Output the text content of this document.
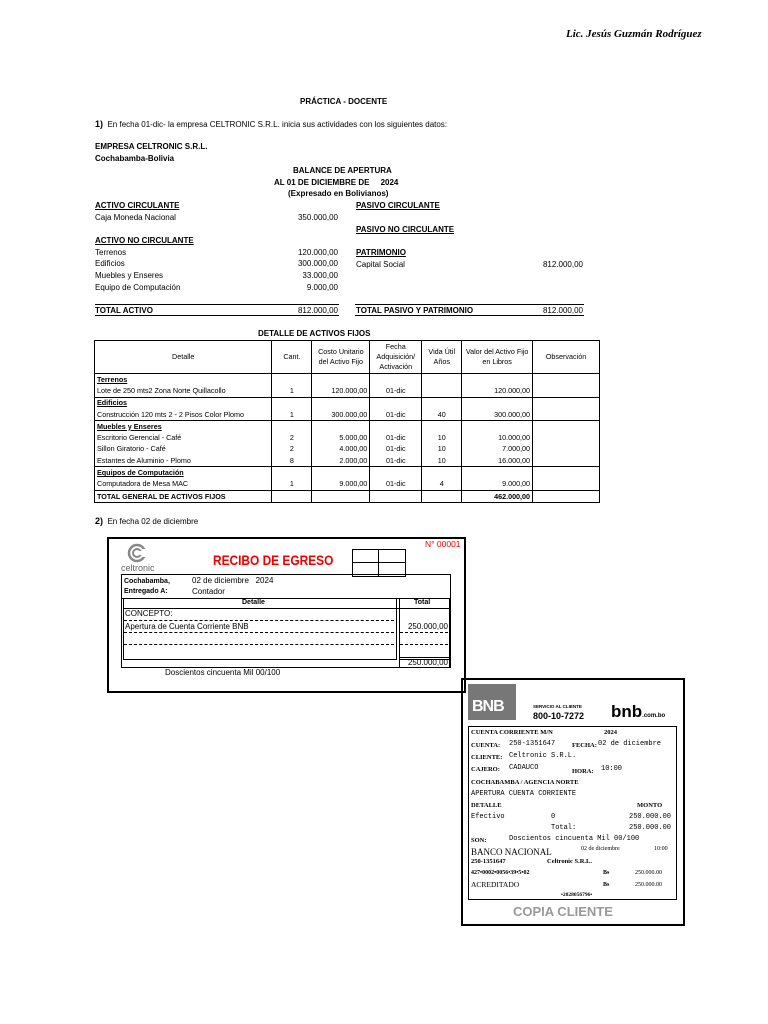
Lic. Jesús Guzmán Rodríguez
PRÁCTICA - DOCENTE
1) En fecha 01-dic- la empresa CELTRONIC S.R.L. inicia sus actividades con los siguientes datos:
EMPRESA CELTRONIC S.R.L.
Cochabamba-Bolivia
BALANCE DE APERTURA
AL 01 DE DICIEMBRE DE 2024
(Expresado en Bolivianos)
ACTIVO CIRCULANTE
Caja Moneda Nacional	350.000,00
ACTIVO NO CIRCULANTE
Terrenos	120.000,00
Edificios	300.000,00
Muebles y Enseres	33.000,00
Equipo de Computación	9.000,00
PASIVO CIRCULANTE
PASIVO NO CIRCULANTE
PATRIMONIO
Capital Social	812.000,00
TOTAL ACTIVO	812.000,00 TOTAL PASIVO Y PATRIMONIO	812.000,00
DETALLE DE ACTIVOS FIJOS
Detalle	Cant.	Costo Unitario del Activo Fijo	Fecha Adquisición/ Activación	Vida Útil Años	Valor del Activo Fijo en Libros	Observación
Terrenos						
Lote de 250 mts2 Zona Norte Quillacollo	1	120.000,00	01-dic		120.000,00	
Edificios						
Construcción 120 mts 2 - 2 Pisos Color Plomo	1	300.000,00	01-dic	40	300.000,00	
Muebles y Enseres						
Escritorio Gerencial - Café	2	5.000,00	01-dic	10	10.000,00	
Sillon Giratorio - Café	2	4.000,00	01-dic	10	7.000,00	
Estantes de Aluminio - Plomo	8	2.000,00	01-dic	10	16.000,00	
Equipos de Computación						
Computadora de Mesa MAC	1	9.000,00	01-dic	4	9.000,00	
TOTAL GENERAL DE ACTIVOS FIJOS					462.000,00	
2) En fecha 02 de diciembre
celtronic	RECIBO DE EGRESO
N° 00001
Cochabamba,	02 de diciembre 2024
Entregado A:	Contador
Detalle	Total
CONCEPTO:
Apertura de Cuenta Corriente BNB	250.000,00
250.000,00
Doscientos cincuenta Mil 00/100
BNB	SERVICIO AL CLIENTE
800-10-7272 bnb.com.bo
CUENTA CORRIENTE M/N	2024
CUENTA: 250-1351647	FECHA: 02 de diciembre
CLIENTE: Celtronic S.R.L.
CAJERO: CADAUCO	HORA: 10:00
COCHABAMBA / AGENCIA NORTE
APERTURA CUENTA CORRIENTE
DETALLE	MONTO
Efectivo	0	250.000.00
Total:	250.000.00
SON:	Doscientos cincuenta Mil 00/100
BANCO NACIONAL	02 de diciembre	10:00
250-1351647	Celtronic S.R.L.
427•0002•0056•39•5•02	Bs	250.000.00
ACREDITADO	Bs	250.000.00
•2028056796•
COPIA CLIENTE
